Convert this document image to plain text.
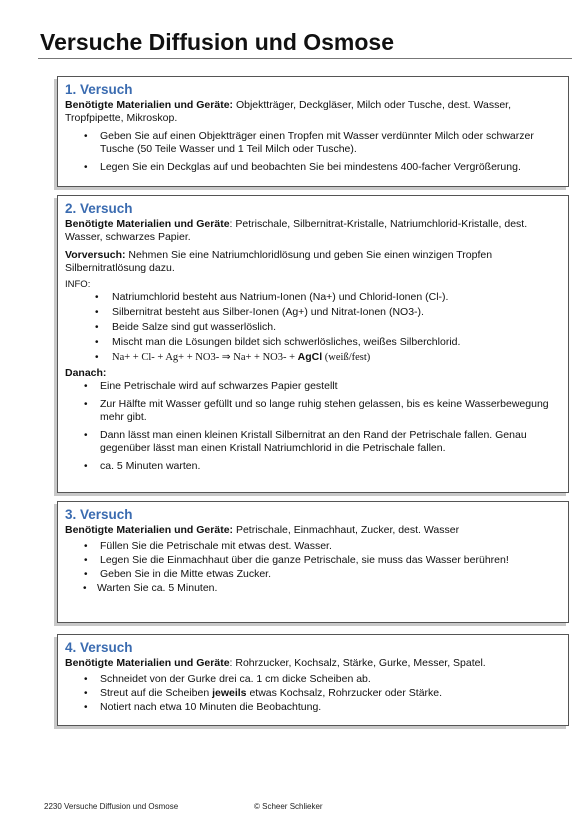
Versuche Diffusion und Osmose
1. Versuch

Benötigte Materialien und Geräte: Objektträger, Deckgläser, Milch oder Tusche, dest. Wasser, Tropfpipette, Mikroskop.

• Geben Sie auf einen Objektträger einen Tropfen mit Wasser verdünnter Milch oder schwarzer Tusche (50 Teile Wasser und 1 Teil Milch oder Tusche).
• Legen Sie ein Deckglas auf und beobachten Sie bei mindestens 400-facher Vergrößerung.
2. Versuch

Benötigte Materialien und Geräte: Petrischale, Silbernitrat-Kristalle, Natriumchlorid-Kristalle, dest. Wasser, schwarzes Papier.

Vorversuch: Nehmen Sie eine Natriumchloridlösung und geben Sie einen winzigen Tropfen Silbernitratlösung dazu.

INFO:

• Natriumchlorid besteht aus Natrium-Ionen (Na+) und Chlorid-Ionen (Cl-).
• Silbernitrat besteht aus Silber-Ionen (Ag+) und Nitrat-Ionen (NO3-).
• Beide Salze sind gut wasserlöslich.
• Mischt man die Lösungen bildet sich schwerlösliches, weißes Silberchlorid.
• Na+ + Cl- + Ag+ + NO3- ⇒ Na+ + NO3- + AgCl (weiß/fest)

Danach:

• Eine Petrischale wird auf schwarzes Papier gestellt
• Zur Hälfte mit Wasser gefüllt und so lange ruhig stehen gelassen, bis es keine Wasserbewegung mehr gibt.
• Dann lässt man einen kleinen Kristall Silbernitrat an den Rand der Petrischale fallen. Genau gegenüber lässt man einen Kristall Natriumchlorid in die Petrischale fallen.
• ca. 5 Minuten warten.
3. Versuch

Benötigte Materialien und Geräte: Petrischale, Einmachhaut, Zucker, dest. Wasser

• Füllen Sie die Petrischale mit etwas dest. Wasser.
• Legen Sie die Einmachhaut über die ganze Petrischale, sie muss das Wasser berühren!
• Geben Sie in die Mitte etwas Zucker.
• Warten Sie ca. 5 Minuten.
4. Versuch

Benötigte Materialien und Geräte: Rohrzucker, Kochsalz, Stärke, Gurke, Messer, Spatel.

• Schneidet von der Gurke drei ca. 1 cm dicke Scheiben ab.
• Streut auf die Scheiben jeweils etwas Kochsalz, Rohrzucker oder Stärke.
• Notiert nach etwa 10 Minuten die Beobachtung.
2230 Versuche Diffusion und Osmose	© Scheer Schlieker
